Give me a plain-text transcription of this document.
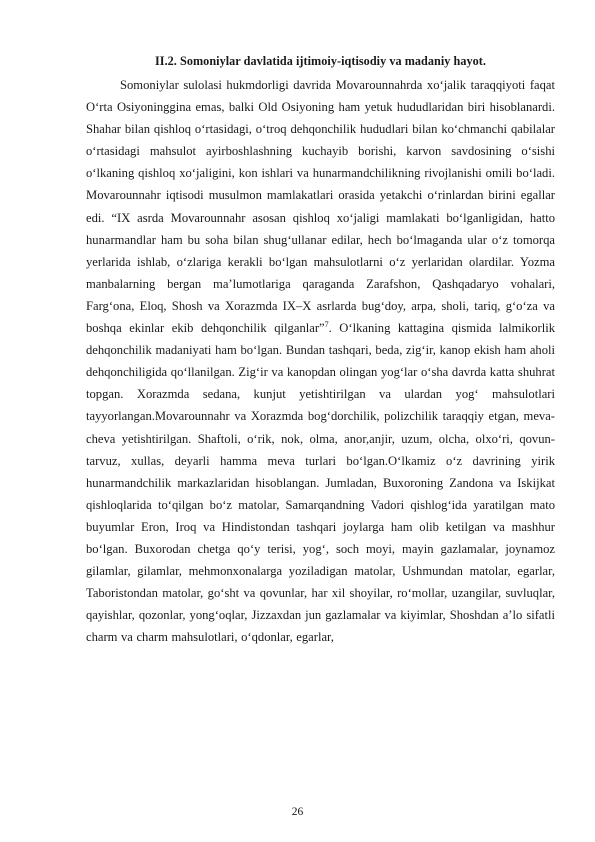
II.2. Somoniylar davlatida ijtimoiy-iqtisodiy va madaniy hayot.

Somoniylar sulolasi hukmdorligi davrida Movarounnahrda xo‘jalik taraqqiyoti faqat O‘rta Osiyoninggina emas, balki Old Osiyoning ham yetuk hududlaridan biri hisoblanardi. Shahar bilan qishloq o‘rtasidagi, o‘troq dehqonchilik hududlari bilan ko‘chmanchi qabilalar o‘rtasidagi mahsulot ayirboshlashning kuchayib borishi, karvon savdosining o‘sishi o‘lkaning qishloq xo‘jaligini, kon ishlari va hunarmandchilikning rivojlanishi omili bo‘ladi. Movarounnahr iqtisodi musulmon mamlakatlari orasida yetakchi o‘rinlardan birini egallar edi. “IX asrda Movarounnahr asosan qishloq xo‘jaligi mamlakati bo‘lganligidan, hatto hunarmandlar ham bu soha bilan shug‘ullanar edilar, hech bo‘lmaganda ular o‘z tomorqa yerlarida ishlab, o‘zlariga kerakli bo‘lgan mahsulotlarni o‘z yerlaridan olardilar. Yozma manbalarning bergan ma’lumotlariga qaraganda Zarafshon, Qashqadaryo vohalari, Farg‘ona, Eloq, Shosh va Xorazmda IX–X asrlarda bug‘doy, arpa, sholi, tariq, g‘o‘za va boshqa ekinlar ekib dehqonchilik qilganlar”$^7$. O‘lkaning kattagina qismida lalmikorlik dehqonchilik madaniyati ham bo‘lgan. Bundan tashqari, beda, zig‘ir, kanop ekish ham aholi dehqonchiligida qo‘llanilgan. Zig‘ir va kanopdan olingan yog‘lar o‘sha davrda katta shuhrat topgan. Xorazmda sedana, kunjut yetishtirilgan va ulardan yog‘ mahsulotlari tayyorlangan.Movarounnahr va Xorazmda bog‘dorchilik, polizchilik taraqqiy etgan, meva-cheva yetishtirilgan. Shaftoli, o‘rik, nok, olma, anor,anjir, uzum, olcha, olxo‘ri, qovun-tarvuz, xullas, deyarli hamma meva turlari bo‘lgan.O‘lkamiz o‘z davrining yirik hunarmandchilik markazlaridan hisoblangan. Jumladan, Buxoroning Zandona va Iskijkat qishloqlarida to‘qilgan bo‘z matolar, Samarqandning Vadori qishlog‘ida yaratilgan mato buyumlar Eron, Iroq va Hindistondan tashqari joylarga ham olib ketilgan va mashhur bo‘lgan. Buxorodan chetga qo‘y terisi, yog‘, soch moyi, mayin gazlamalar, joynamoz gilamlar, gilamlar, mehmonxonalarga yoziladigan matolar, Ushmundan matolar, egarlar, Taboristondan matolar, go‘sht va qovunlar, har xil shoyilar, ro‘mollar, uzangilar, suvluqlar, qayishlar, qozonlar, yong‘oqlar, Jizzaxdan jun gazlamalar va kiyimlar, Shoshdan a’lo sifatli charm va charm mahsulotlari, o‘qdonlar, egarlar,

26
